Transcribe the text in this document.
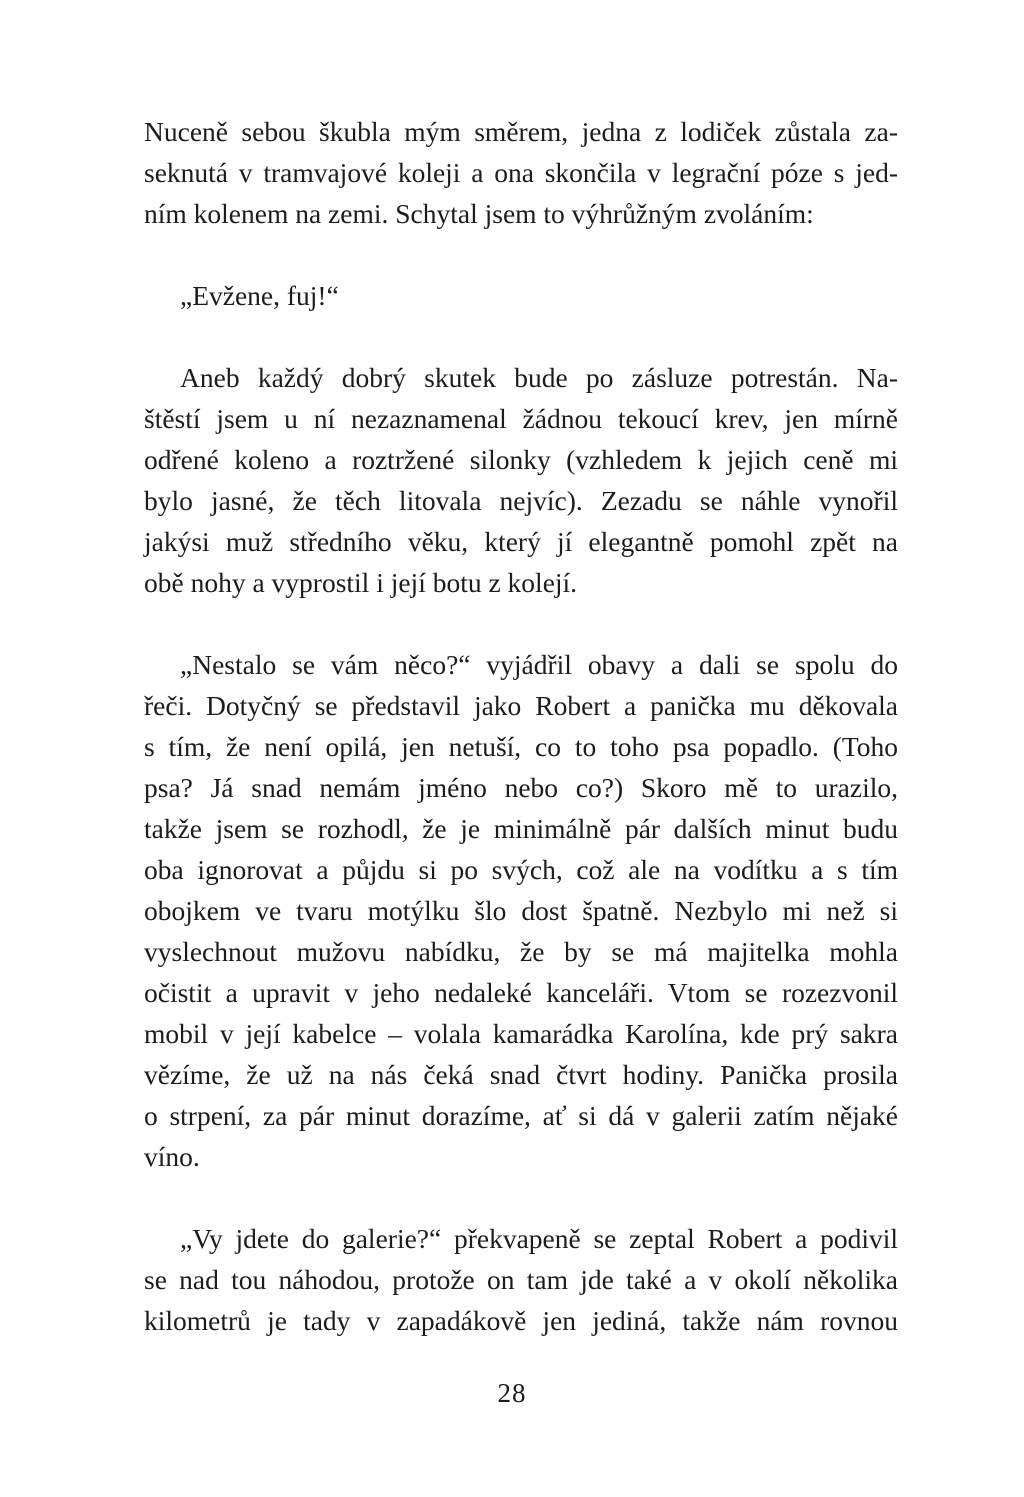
Nuceně sebou škubla mým směrem, jedna z lodiček zůstala za-
seknutá v tramvajové koleji a ona skončila v legrační póze s jed-
ním kolenem na zemi. Schytal jsem to výhrůžným zvoláním:

„Evžene, fuj!“

Aneb každý dobrý skutek bude po zásluze potrestán. Na-
štěstí jsem u ní nezaznamenal žádnou tekoucí krev, jen mírně
odřené koleno a roztržené silonky (vzhledem k jejich ceně mi
bylo jasné, že těch litovala nejvíc). Zezadu se náhle vynořil
jakýsi muž středního věku, který jí elegantně pomohl zpět na
obě nohy a vyprostil i její botu z kolejí.

„Nestalo se vám něco?“ vyjádřil obavy a dali se spolu do
řeči. Dotyčný se představil jako Robert a panička mu děkovala
s tím, že není opilá, jen netuší, co to toho psa popadlo. (Toho
psa? Já snad nemám jméno nebo co?) Skoro mě to urazilo,
takže jsem se rozhodl, že je minimálně pár dalších minut budu
oba ignorovat a půjdu si po svých, což ale na vodítku a s tím
obojkem ve tvaru motýlku šlo dost špatně. Nezbylo mi než si
vyslechnout mužovu nabídku, že by se má majitelka mohla
očistit a upravit v jeho nedaleké kanceláři. Vtom se rozezvonil
mobil v její kabelce – volala kamarádka Karolína, kde prý sakra
vězíme, že už na nás čeká snad čtvrt hodiny. Panička prosila
o strpení, za pár minut dorazíme, ať si dá v galerii zatím nějaké
víno.

„Vy jdete do galerie?“ překvapeně se zeptal Robert a podivil
se nad tou náhodou, protože on tam jde také a v okolí několika
kilometrů je tady v zapadákově jen jediná, takže nám rovnou

28
